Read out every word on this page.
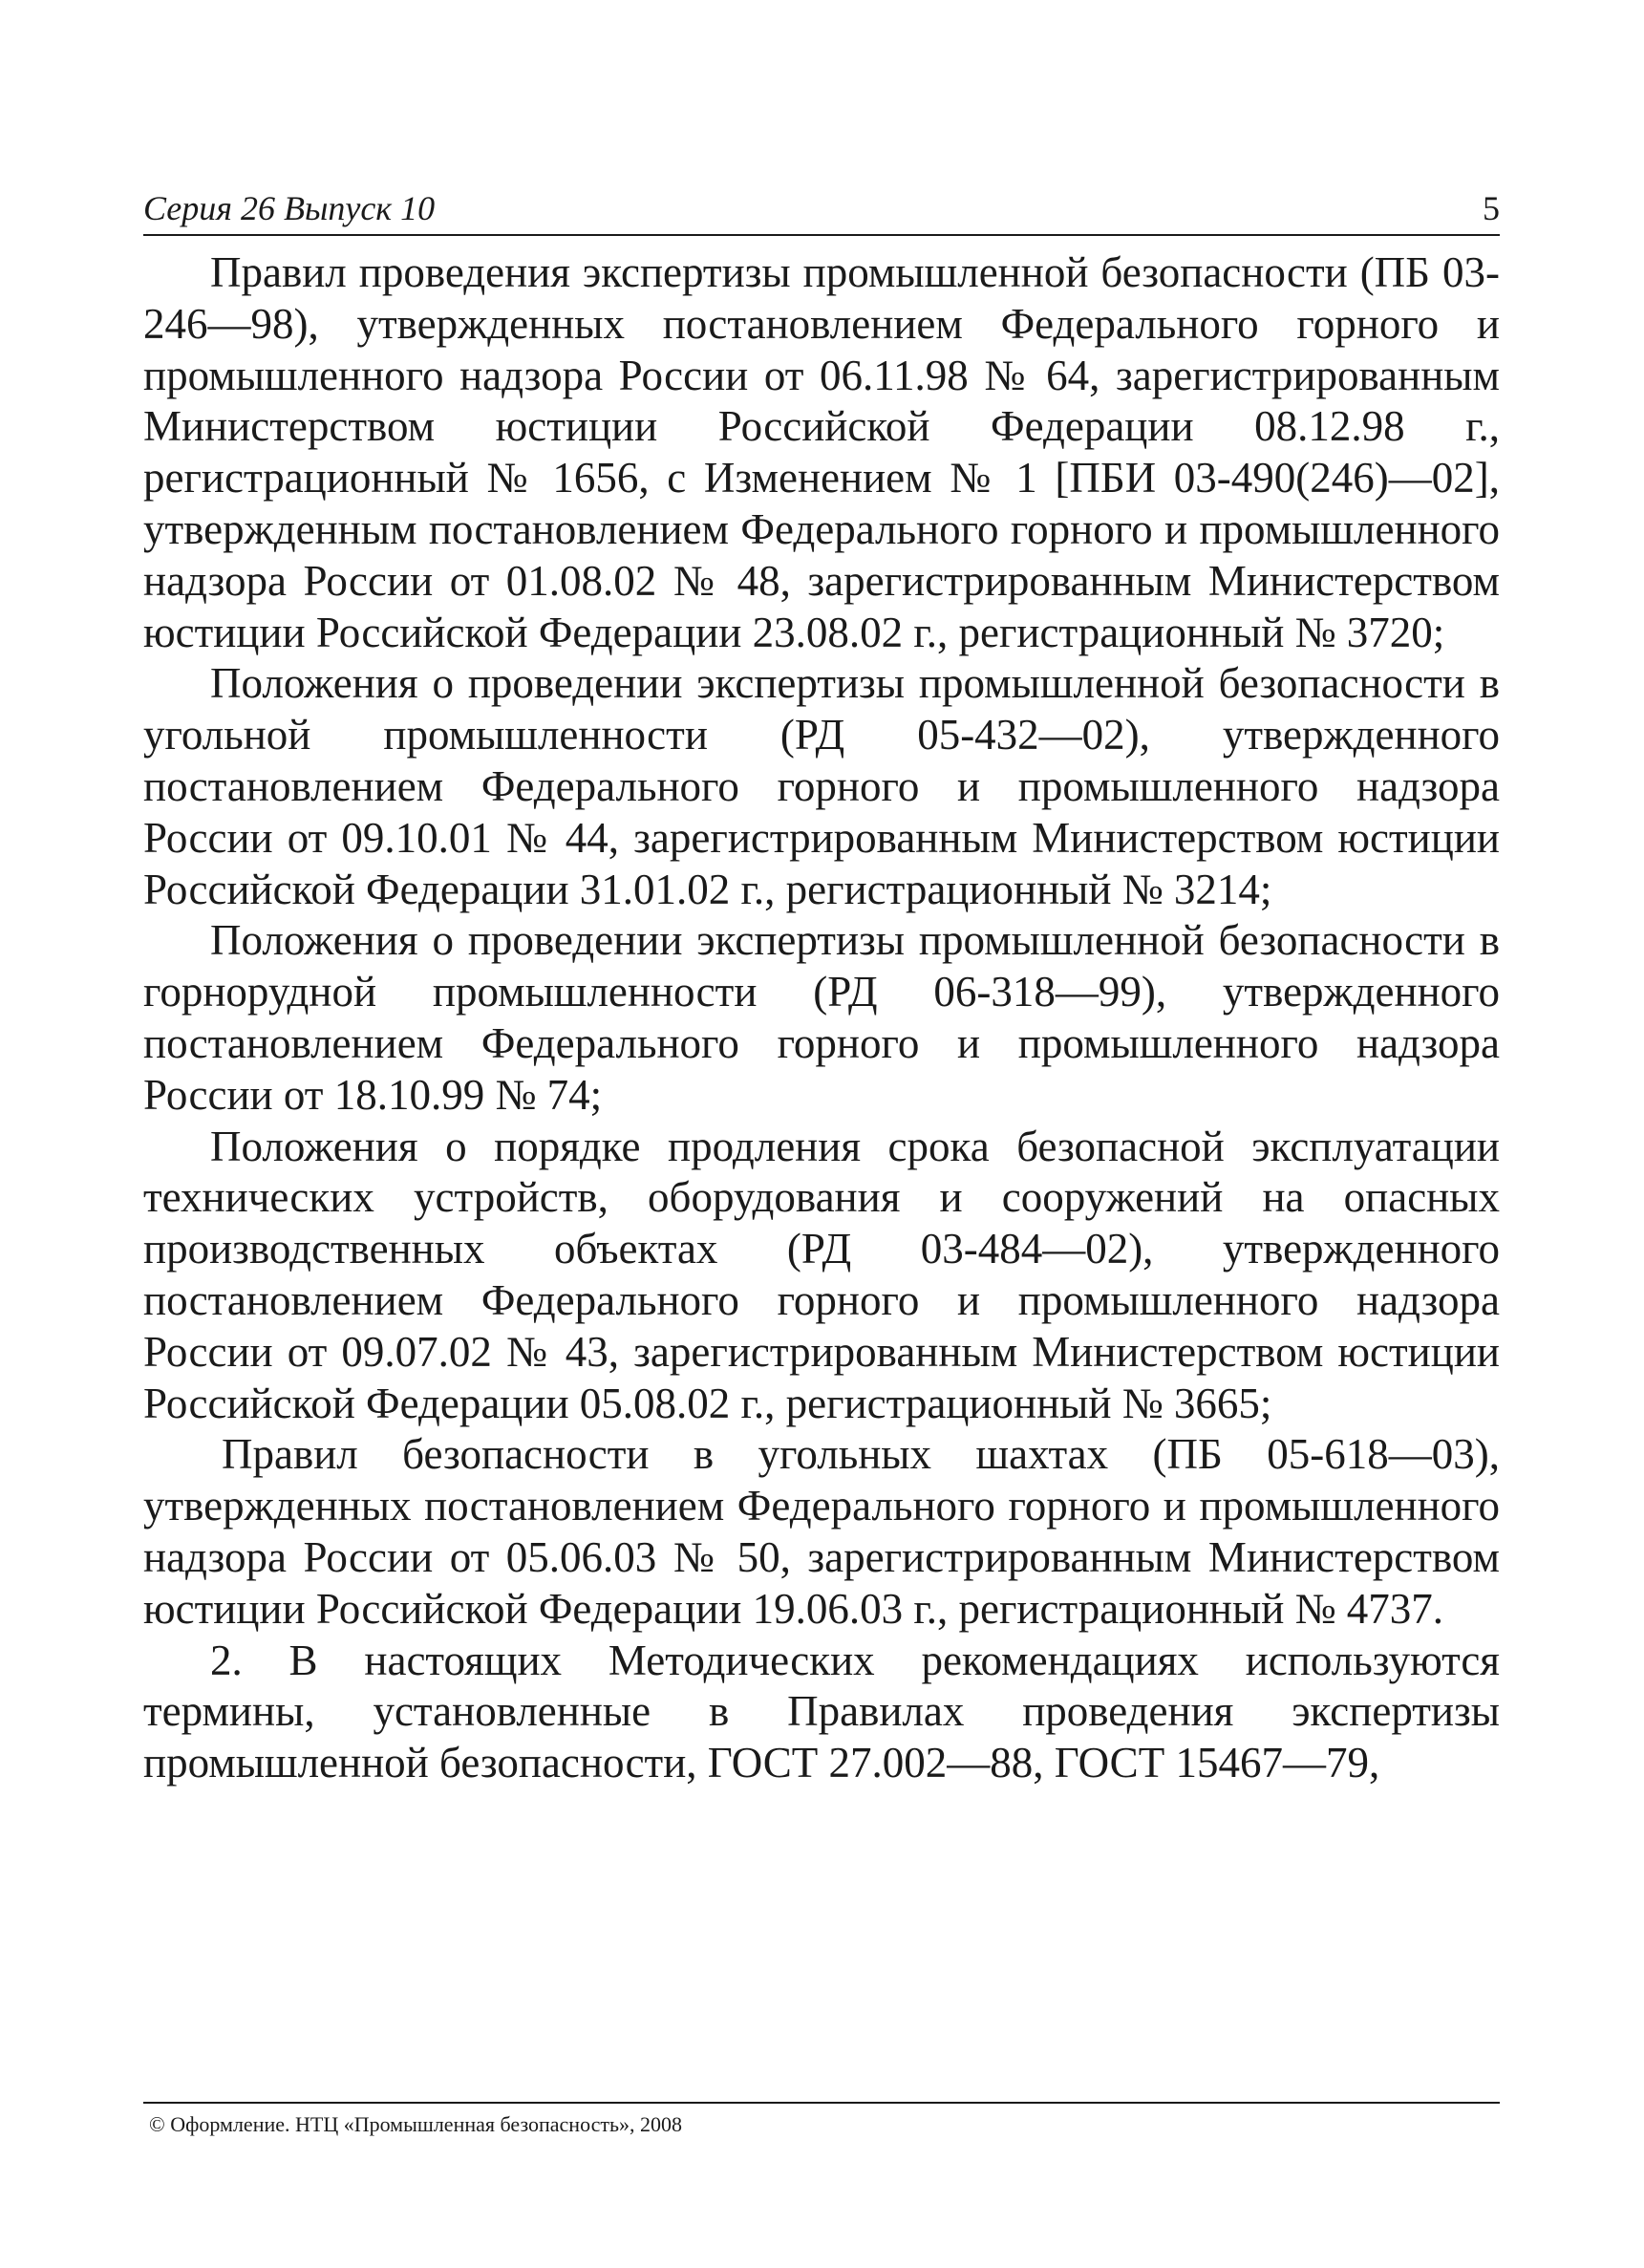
Серия 26 Выпуск 10	5

Правил проведения экспертизы промышленной безопасности (ПБ 03-246—98), утвержденных постановлением Федерального горного и промышленного надзора России от 06.11.98 № 64, зарегистрированным Министерством юстиции Российской Федерации 08.12.98 г., регистрационный № 1656, с Изменением № 1 [ПБИ 03-490(246)—02], утвержденным постановлением Федерального горного и промышленного надзора России от 01.08.02 № 48, зарегистрированным Министерством юстиции Российской Федерации 23.08.02 г., регистрационный № 3720;

Положения о проведении экспертизы промышленной безопасности в угольной промышленности (РД 05-432—02), утвержденного постановлением Федерального горного и промышленного надзора России от 09.10.01 № 44, зарегистрированным Министерством юстиции Российской Федерации 31.01.02 г., регистрационный № 3214;

Положения о проведении экспертизы промышленной безопасности в горнорудной промышленности (РД 06-318—99), утвержденного постановлением Федерального горного и промышленного надзора России от 18.10.99 № 74;

Положения о порядке продления срока безопасной эксплуатации технических устройств, оборудования и сооружений на опасных производственных объектах (РД 03-484—02), утвержденного постановлением Федерального горного и промышленного надзора России от 09.07.02 № 43, зарегистрированным Министерством юстиции Российской Федерации 05.08.02 г., регистрационный № 3665;

Правил безопасности в угольных шахтах (ПБ 05-618—03), утвержденных постановлением Федерального горного и промышленного надзора России от 05.06.03 № 50, зарегистрированным Министерством юстиции Российской Федерации 19.06.03 г., регистрационный № 4737.

2. В настоящих Методических рекомендациях используются термины, установленные в Правилах проведения экспертизы промышленной безопасности, ГОСТ 27.002—88, ГОСТ 15467—79,

© Оформление. НТЦ «Промышленная безопасность», 2008
